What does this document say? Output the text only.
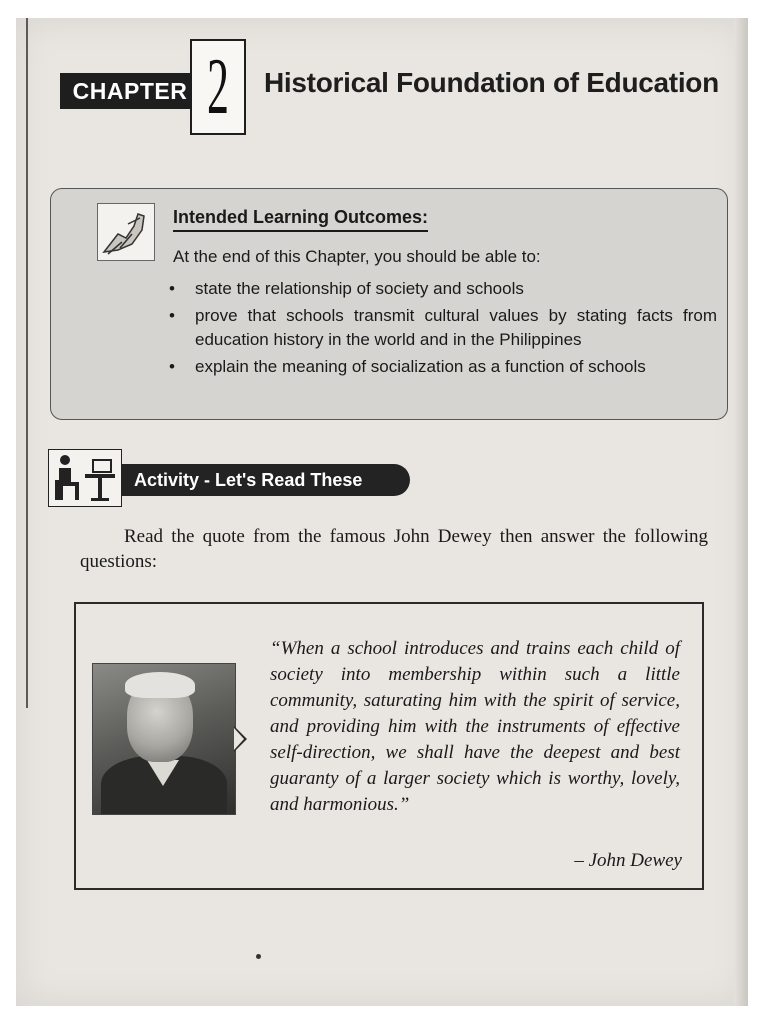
CHAPTER 2 Historical Foundation of Education
Intended Learning Outcomes:
At the end of this Chapter, you should be able to:
• state the relationship of society and schools
• prove that schools transmit cultural values by stating facts from education history in the world and in the Philippines
• explain the meaning of socialization as a function of schools
Activity - Let's Read These
Read the quote from the famous John Dewey then answer the following questions:
“When a school introduces and trains each child of society into membership within such a little community, saturating him with the spirit of service, and providing him with the instruments of effective self-direction, we shall have the deepest and best guaranty of a larger society which is worthy, lovely, and harmonious.”
– John Dewey
